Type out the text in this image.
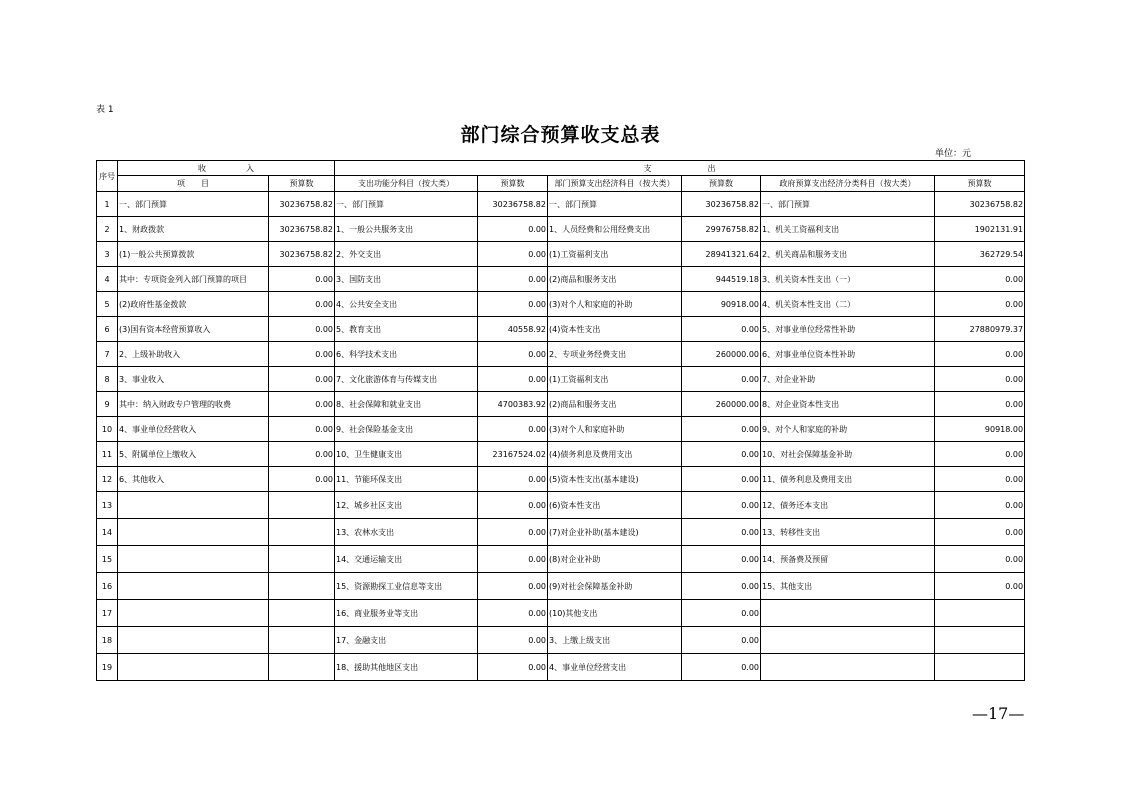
表 1
部门综合预算收支总表
单位：元
序号	收　　　　　入		支　　　　　　　出					
	项　　目	预算数	支出功能分科目（按大类）	预算数	部门预算支出经济科目（按大类）	预算数	政府预算支出经济分类科目（按大类）	预算数
1	一、部门预算	30236758.82	一、部门预算	30236758.82	一、部门预算	30236758.82	一、部门预算	30236758.82
2	1、财政拨款	30236758.82	1、一般公共服务支出	0.00	1、人员经费和公用经费支出	29976758.82	1、机关工资福利支出	1902131.91
3	(1)一般公共预算拨款	30236758.82	2、外交支出	0.00	(1)工资福利支出	28941321.64	2、机关商品和服务支出	362729.54
4	其中：专项资金列入部门预算的项目	0.00	3、国防支出	0.00	(2)商品和服务支出	944519.18	3、机关资本性支出（一）	0.00
5	(2)政府性基金拨款	0.00	4、公共安全支出	0.00	(3)对个人和家庭的补助	90918.00	4、机关资本性支出（二）	0.00
6	(3)国有资本经营预算收入	0.00	5、教育支出	40558.92	(4)资本性支出	0.00	5、对事业单位经常性补助	27880979.37
7	2、上级补助收入	0.00	6、科学技术支出	0.00	2、专项业务经费支出	260000.00	6、对事业单位资本性补助	0.00
8	3、事业收入	0.00	7、文化旅游体育与传媒支出	0.00	(1)工资福利支出	0.00	7、对企业补助	0.00
9	其中：纳入财政专户管理的收费	0.00	8、社会保障和就业支出	4700383.92	(2)商品和服务支出	260000.00	8、对企业资本性支出	0.00
10	4、事业单位经营收入	0.00	9、社会保险基金支出	0.00	(3)对个人和家庭补助	0.00	9、对个人和家庭的补助	90918.00
11	5、附属单位上缴收入	0.00	10、卫生健康支出	23167524.02	(4)债务利息及费用支出	0.00	10、对社会保障基金补助	0.00
12	6、其他收入	0.00	11、节能环保支出	0.00	(5)资本性支出(基本建设)	0.00	11、债务利息及费用支出	0.00
13			12、城乡社区支出	0.00	(6)资本性支出	0.00	12、债务还本支出	0.00
14			13、农林水支出	0.00	(7)对企业补助(基本建设)	0.00	13、转移性支出	0.00
15			14、交通运输支出	0.00	(8)对企业补助	0.00	14、预备费及预留	0.00
16			15、资源勘探工业信息等支出	0.00	(9)对社会保障基金补助	0.00	15、其他支出	0.00
17			16、商业服务业等支出	0.00	(10)其他支出	0.00		
18			17、金融支出	0.00	3、上缴上级支出	0.00		
19			18、援助其他地区支出	0.00	4、事业单位经营支出	0.00		
—17—
